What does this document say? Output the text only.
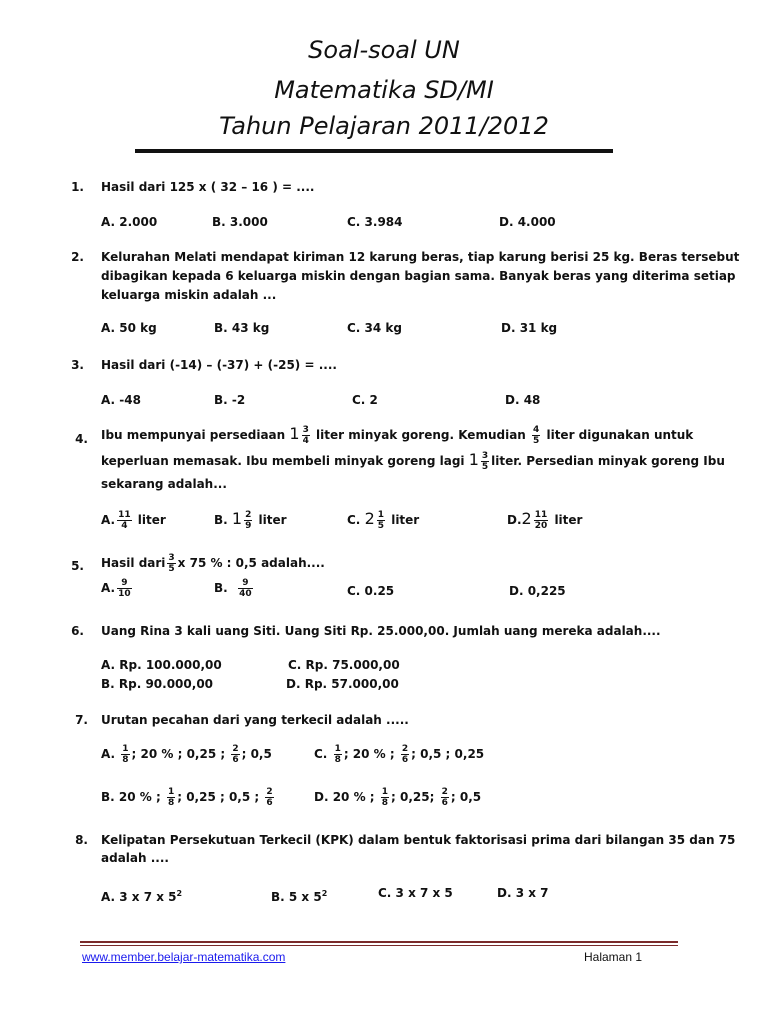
Soal-soal UN
Matematika SD/MI
Tahun Pelajaran 2011/2012
1. Hasil dari 125 x ( 32 – 16 ) = ....
A. 2.000	B. 3.000	C. 3.984	D. 4.000
2. Kelurahan Melati mendapat kiriman 12 karung beras, tiap karung berisi 25 kg. Beras tersebut
dibagikan kepada 6 keluarga miskin dengan bagian sama. Banyak beras yang diterima setiap
keluarga miskin adalah ...
A. 50 kg	B. 43 kg	C. 34 kg	D. 31 kg
3. Hasil dari (-14) – (-37) + (-25) = ....
A. -48	B. -2	C. 2	D. 48
4. Ibu mempunyai persediaan $1 \frac{3}{4}$ liter minyak goreng. Kemudian $\frac{4}{5}$ liter digunakan untuk
keperluan memasak. Ibu membeli minyak goreng lagi $1 \frac{3}{5}$ liter. Persedian minyak goreng Ibu
sekarang adalah...
A. $\frac{11}{4}$ liter	B. $1 \frac{2}{9}$ liter	C. $2 \frac{1}{5}$ liter	$D.2 \frac{11}{20}$ liter
5. Hasil dari $\frac{3}{5}$ x 75 % : 0,5 adalah....
A. $\frac{9}{10}$	B. $\frac{9}{40}$	C. 0.25	D. 0,225
6. Uang Rina 3 kali uang Siti. Uang Siti Rp. 25.000,00. Jumlah uang mereka adalah....
A. Rp. 100.000,00
B. Rp. 90.000,00
C. Rp. 75.000,00
D. Rp. 57.000,00
7. Urutan pecahan dari yang terkecil adalah .....
A. $\frac{1}{8}$ ; 20 % ; 0,25 ; $\frac{2}{6}$ ; 0,5	C. $\frac{1}{8}$ ; 20 % ; $\frac{2}{6}$ ; 0,5 ; 0,25
B. 20 % ; $\frac{1}{8}$ ; 0,25 ; 0,5 ; $\frac{2}{6}$	D. 20 % ; $\frac{1}{8}$ ; 0,25; $\frac{2}{6}$ ; 0,5
8. Kelipatan Persekutuan Terkecil (KPK) dalam bentuk faktorisasi prima dari bilangan 35 dan 75
adalah ....
A. 3 x 7 x $5^2$	B. 5 x $5^2$	C. 3 x 7 x 5	D. 3 x 7
www.member.belajar-matematika.com	Halaman 1
